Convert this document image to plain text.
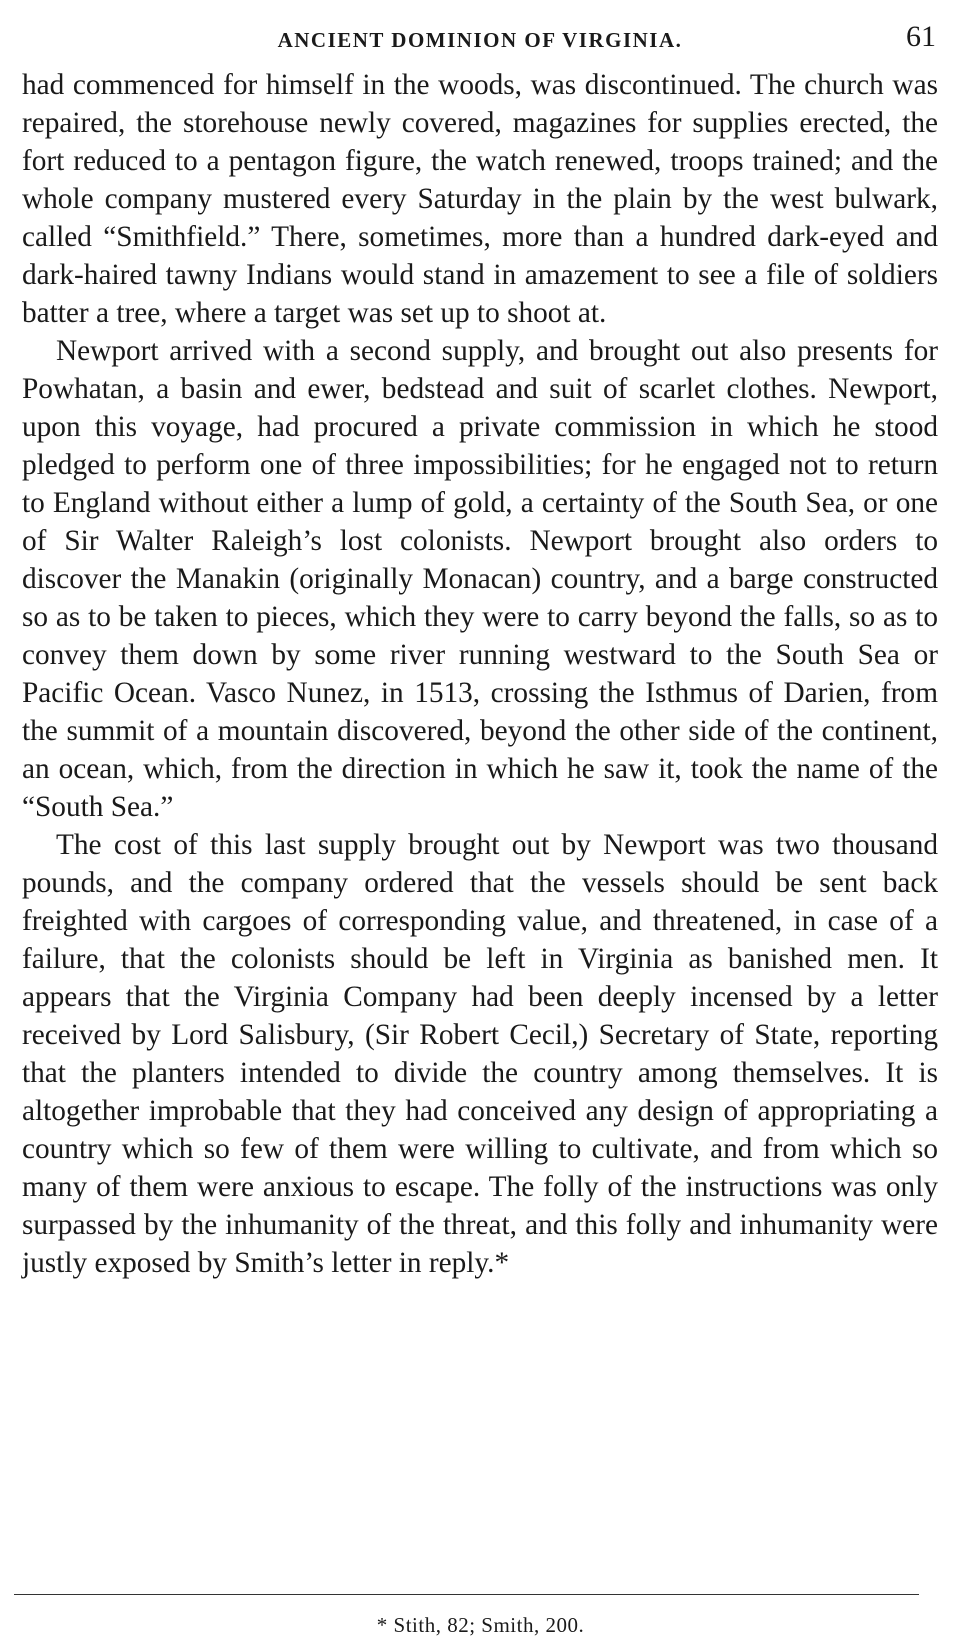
ANCIENT DOMINION OF VIRGINIA.	61

had commenced for himself in the woods, was discontinued. The church was repaired, the storehouse newly covered, magazines for supplies erected, the fort reduced to a pentagon figure, the watch renewed, troops trained; and the whole company mustered every Saturday in the plain by the west bulwark, called “Smithfield.” There, sometimes, more than a hundred dark-eyed and dark-haired tawny Indians would stand in amazement to see a file of soldiers batter a tree, where a target was set up to shoot at.

Newport arrived with a second supply, and brought out also presents for Powhatan, a basin and ewer, bedstead and suit of scarlet clothes. Newport, upon this voyage, had procured a private commission in which he stood pledged to perform one of three impossibilities; for he engaged not to return to England without either a lump of gold, a certainty of the South Sea, or one of Sir Walter Raleigh’s lost colonists. Newport brought also orders to discover the Manakin (originally Monacan) country, and a barge constructed so as to be taken to pieces, which they were to carry beyond the falls, so as to convey them down by some river running westward to the South Sea or Pacific Ocean. Vasco Nunez, in 1513, crossing the Isthmus of Darien, from the summit of a mountain discovered, beyond the other side of the continent, an ocean, which, from the direction in which he saw it, took the name of the “South Sea.”

The cost of this last supply brought out by Newport was two thousand pounds, and the company ordered that the vessels should be sent back freighted with cargoes of corresponding value, and threatened, in case of a failure, that the colonists should be left in Virginia as banished men. It appears that the Virginia Company had been deeply incensed by a letter received by Lord Salisbury, (Sir Robert Cecil,) Secretary of State, reporting that the planters intended to divide the country among themselves. It is altogether improbable that they had conceived any design of appropriating a country which so few of them were willing to cultivate, and from which so many of them were anxious to escape. The folly of the instructions was only surpassed by the inhumanity of the threat, and this folly and inhumanity were justly exposed by Smith’s letter in reply.*

* Stith, 82; Smith, 200.
